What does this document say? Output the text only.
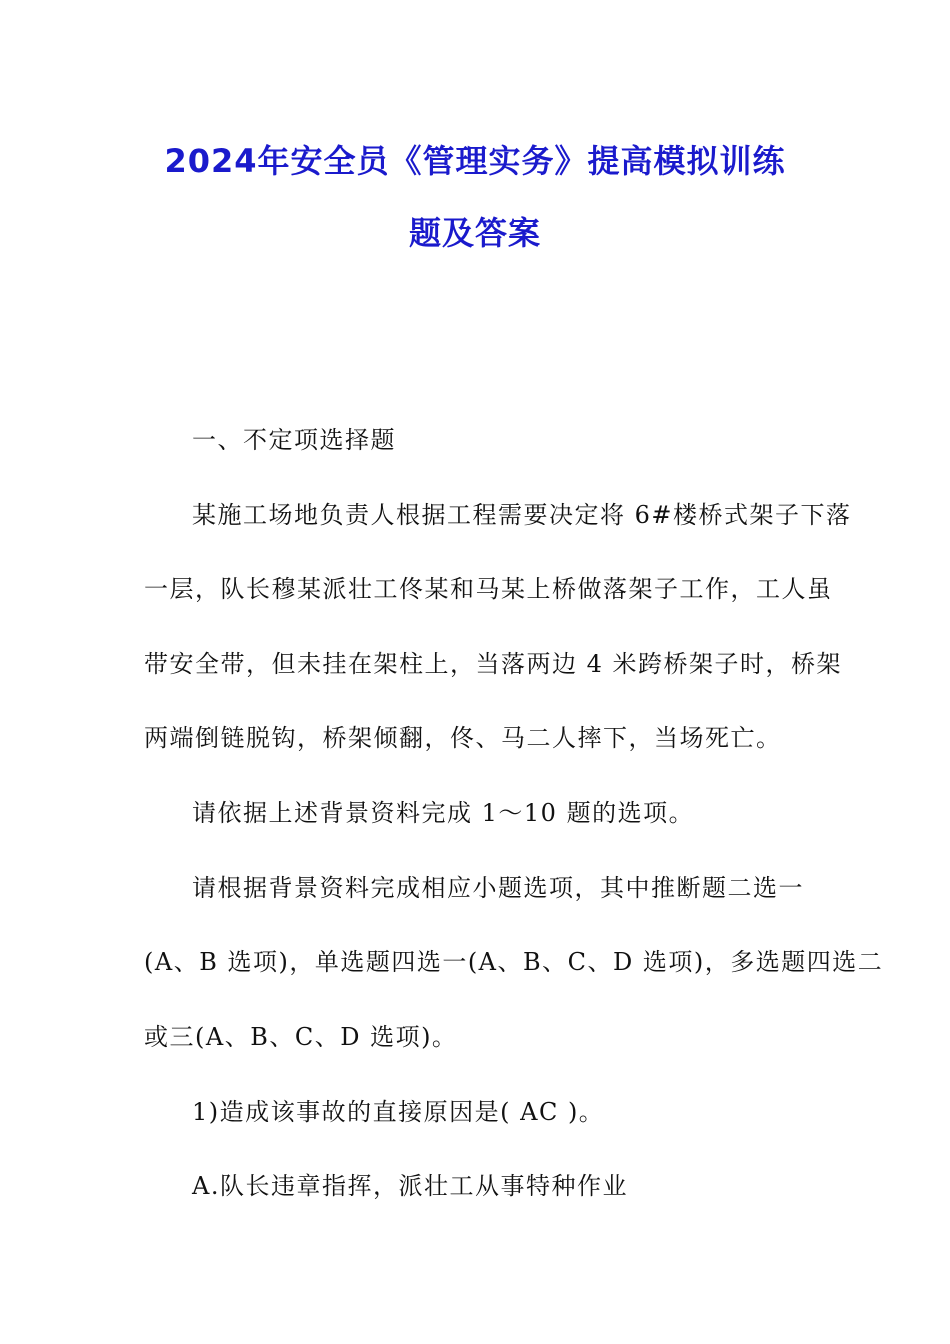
2024年安全员《管理实务》提高模拟训练
题及答案
一、不定项选择题
某施工场地负责人根据工程需要决定将 6#楼桥式架子下落
一层，队长穆某派壮工佟某和马某上桥做落架子工作，工人虽
带安全带，但未挂在架柱上，当落两边 4 米跨桥架子时，桥架
两端倒链脱钩，桥架倾翻，佟、马二人摔下，当场死亡。
请依据上述背景资料完成 1～10 题的选项。
请根据背景资料完成相应小题选项，其中推断题二选一
(A、B 选项)，单选题四选一(A、B、C、D 选项)，多选题四选二
或三(A、B、C、D 选项)。
1)造成该事故的直接原因是( AC )。
A.队长违章指挥，派壮工从事特种作业
